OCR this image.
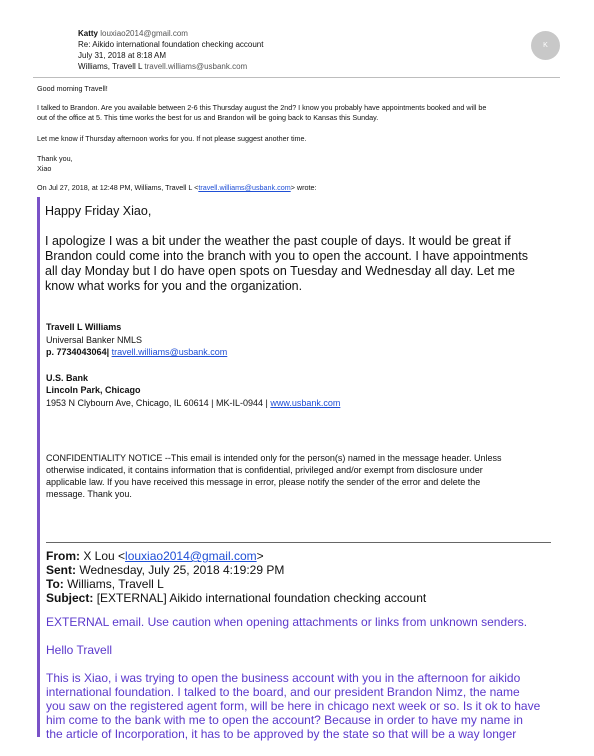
Katty louxiao2014@gmail.com
Re: Aikido international foundation checking account
July 31, 2018 at 8:18 AM
Williams, Travell L travell.williams@usbank.com
K
Good morning Travell!
I talked to Brandon. Are you available between 2-6 this Thursday august the 2nd? I know you probably have appointments booked and will be
out of the office at 5. This time works the best for us and Brandon will be going back to Kansas this Sunday.
Let me know if Thursday afternoon works for you. If not please suggest another time.
Thank you,
Xiao
On Jul 27, 2018, at 12:48 PM, Williams, Travell L <travell.williams@usbank.com> wrote:
Happy Friday Xiao,
I apologize I was a bit under the weather the past couple of days. It would be great if
Brandon could come into the branch with you to open the account. I have appointments
all day Monday but I do have open spots on Tuesday and Wednesday all day. Let me
know what works for you and the organization.
Travell L Williams
Universal Banker NMLS
p. 7734043064| travell.williams@usbank.com
U.S. Bank
Lincoln Park, Chicago
1953 N Clybourn Ave, Chicago, IL 60614 | MK-IL-0944 | www.usbank.com
CONFIDENTIALITY NOTICE --This email is intended only for the person(s) named in the message header. Unless
otherwise indicated, it contains information that is confidential, privileged and/or exempt from disclosure under
applicable law. If you have received this message in error, please notify the sender of the error and delete the
message. Thank you.
From: X Lou <louxiao2014@gmail.com>
Sent: Wednesday, July 25, 2018 4:19:29 PM
To: Williams, Travell L
Subject: [EXTERNAL] Aikido international foundation checking account
EXTERNAL email. Use caution when opening attachments or links from unknown senders.
Hello Travell
This is Xiao, i was trying to open the business account with you in the afternoon for aikido
international foundation. I talked to the board, and our president Brandon Nimz, the name
you saw on the registered agent form, will be here in chicago next week or so. Is it ok to have
him come to the bank with me to open the account? Because in order to have my name in
the article of Incorporation, it has to be approved by the state so that will be a way longer
